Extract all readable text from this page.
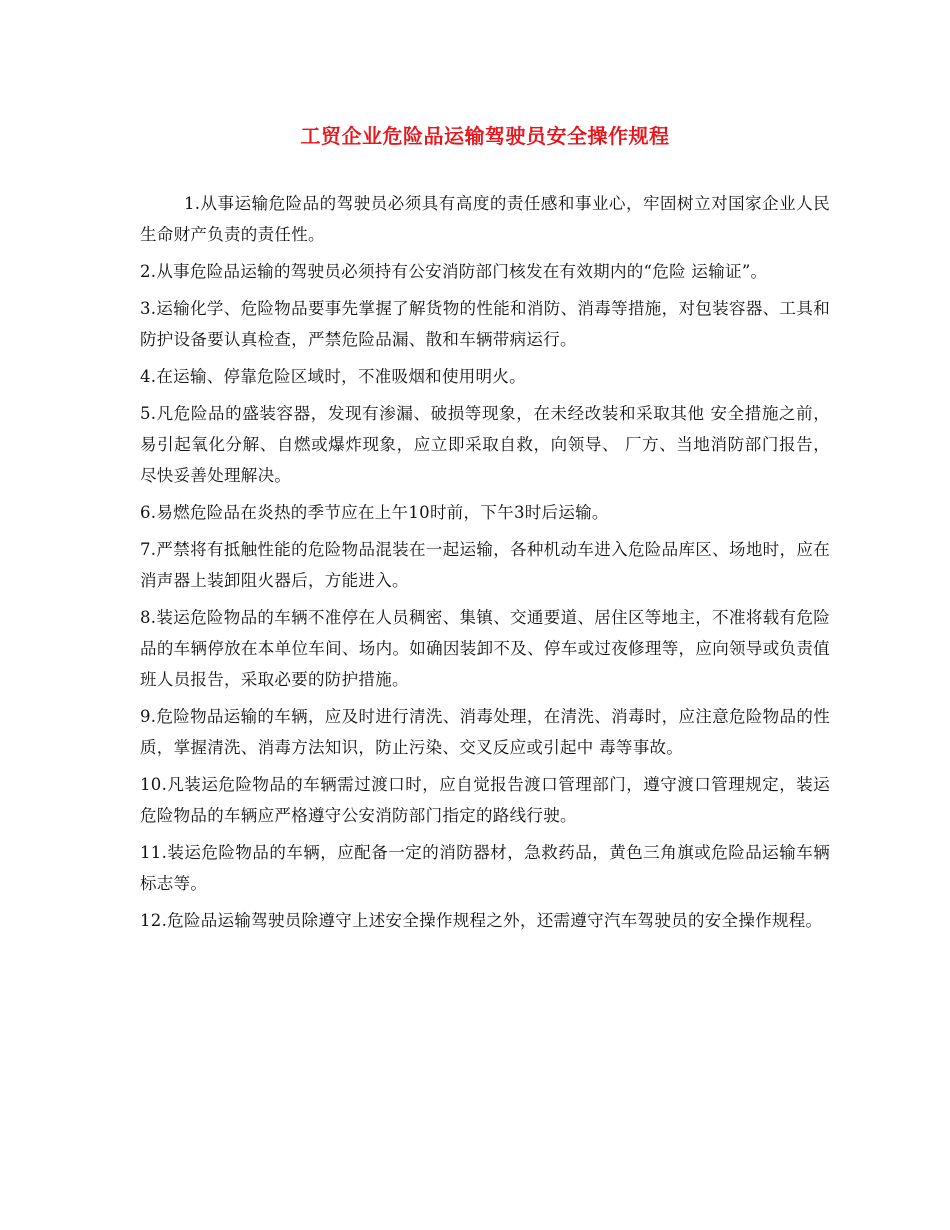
工贸企业危险品运输驾驶员安全操作规程

1.从事运输危险品的驾驶员必须具有高度的责任感和事业心，牢固树立对国家企业人民生命财产负责的责任性。

2.从事危险品运输的驾驶员必须持有公安消防部门核发在有效期内的“危险 运输证”。

3.运输化学、危险物品要事先掌握了解货物的性能和消防、消毒等措施，对包装容器、工具和防护设备要认真检查，严禁危险品漏、散和车辆带病运行。

4.在运输、停靠危险区域时，不准吸烟和使用明火。

5.凡危险品的盛装容器，发现有渗漏、破损等现象，在未经改装和采取其他 安全措施之前，易引起氧化分解、自燃或爆炸现象，应立即采取自救，向领导、 厂方、当地消防部门报告，尽快妥善处理解决。

6.易燃危险品在炎热的季节应在上午10时前，下午3时后运输。

7.严禁将有抵触性能的危险物品混装在一起运输，各种机动车进入危险品库区、场地时，应在消声器上装卸阻火器后，方能进入。

8.装运危险物品的车辆不准停在人员稠密、集镇、交通要道、居住区等地主，不准将载有危险品的车辆停放在本单位车间、场内。如确因装卸不及、停车或过夜修理等，应向领导或负责值班人员报告，采取必要的防护措施。

9.危险物品运输的车辆，应及时进行清洗、消毒处理，在清洗、消毒时，应注意危险物品的性质，掌握清洗、消毒方法知识，防止污染、交叉反应或引起中 毒等事故。

10.凡装运危险物品的车辆需过渡口时，应自觉报告渡口管理部门，遵守渡口管理规定，装运危险物品的车辆应严格遵守公安消防部门指定的路线行驶。

11.装运危险物品的车辆，应配备一定的消防器材，急救药品，黄色三角旗或危险品运输车辆标志等。

12.危险品运输驾驶员除遵守上述安全操作规程之外，还需遵守汽车驾驶员的安全操作规程。
